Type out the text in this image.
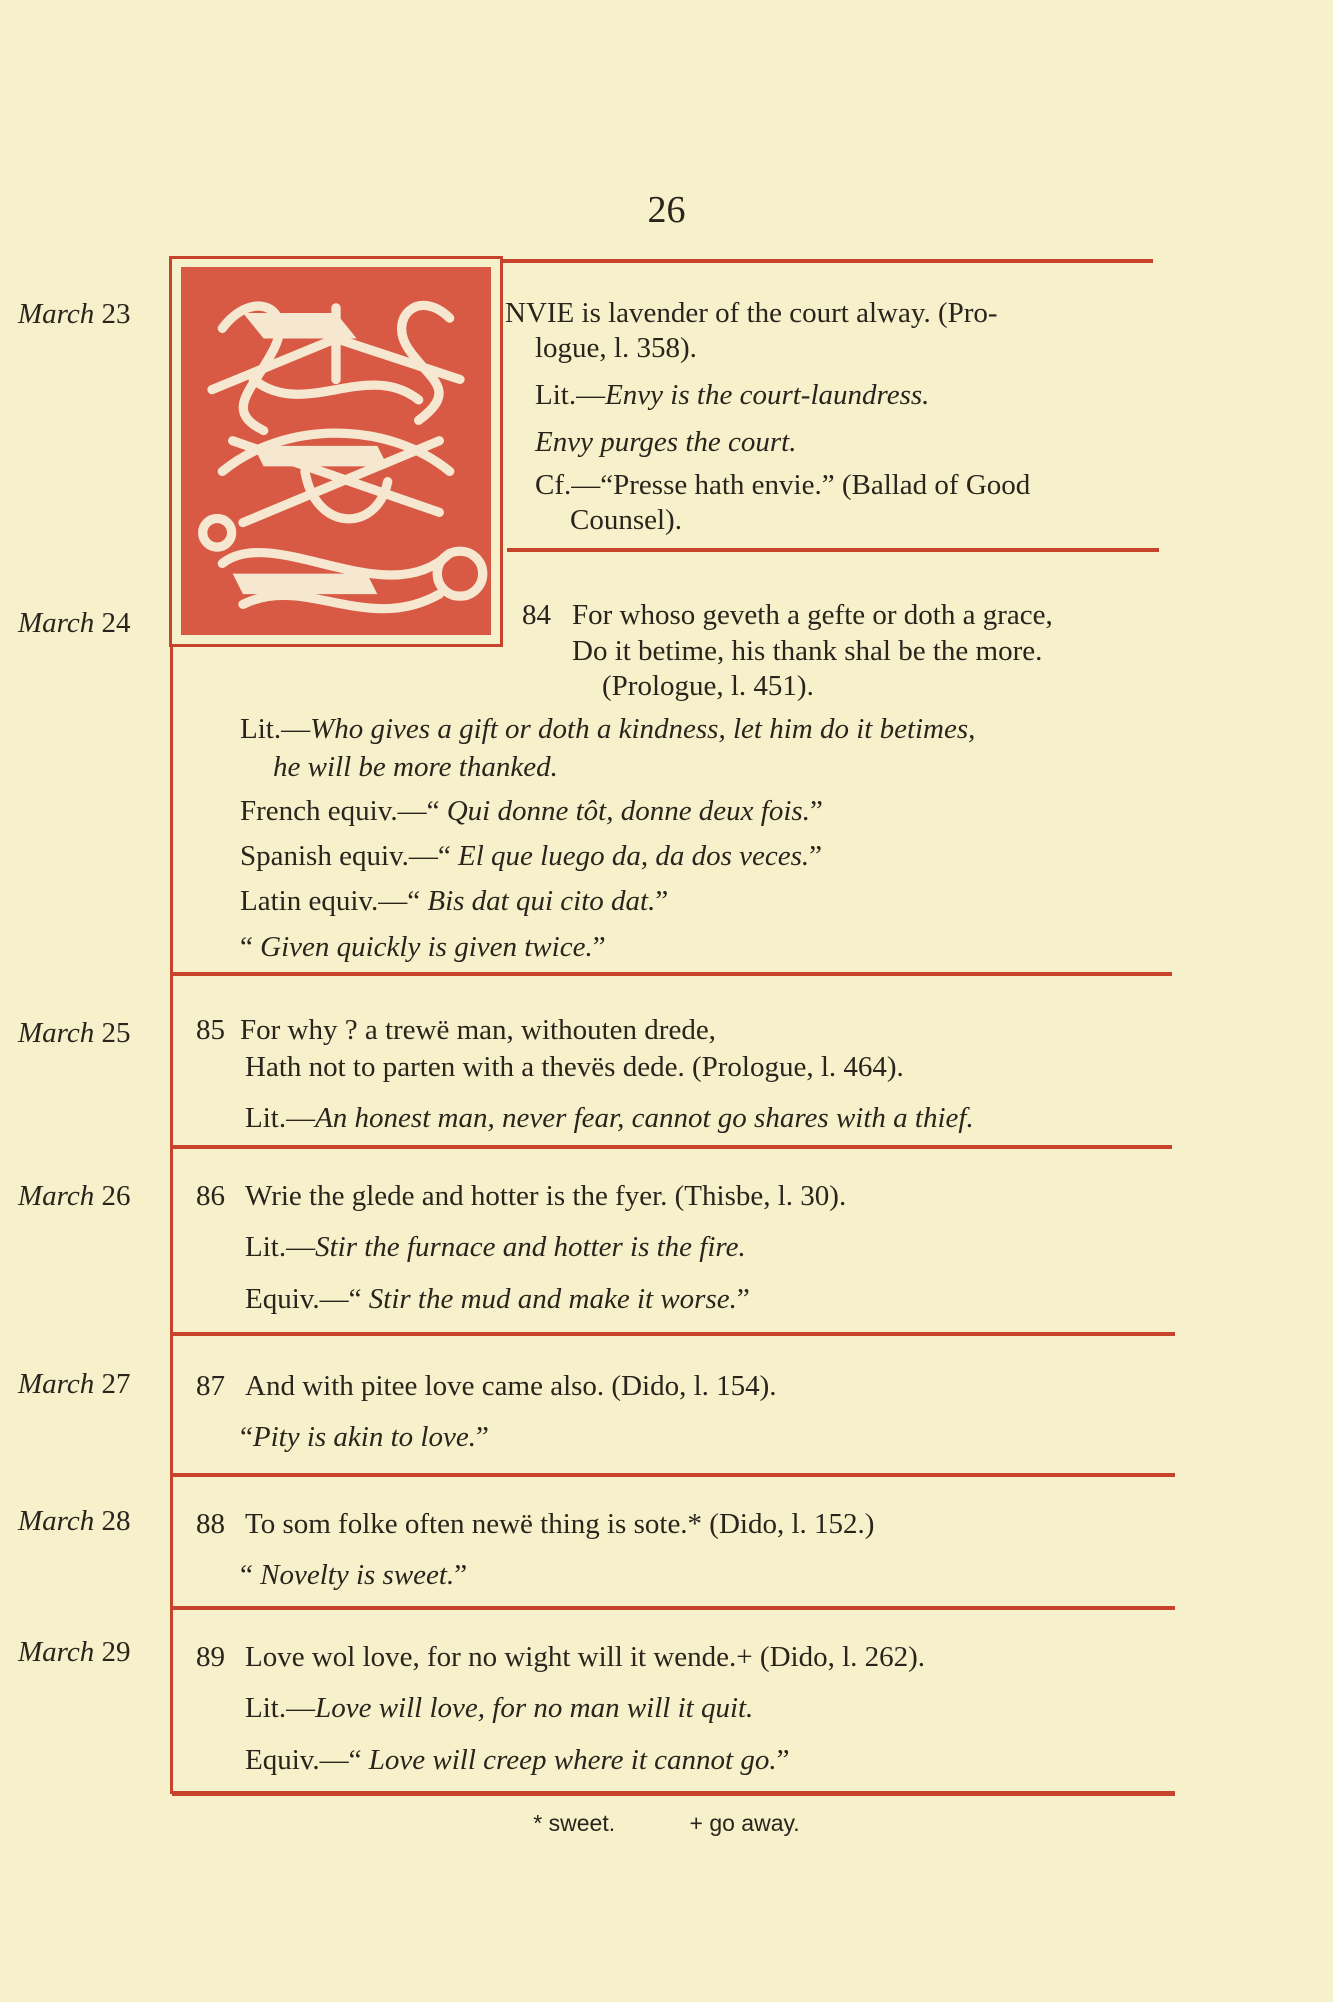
26
March 23
March 24
March 25
March 26
March 27
March 28
March 29
E
NVIE is lavender of the court alway. (Pro-
logue, l. 358).
Lit.—Envy is the court-laundress.
Envy purges the court.
Cf.—“Presse hath envie.” (Ballad of Good
Counsel).
84 For whoso geveth a gefte or doth a grace,
Do it betime, his thank shal be the more.
(Prologue, l. 451).
Lit.—Who gives a gift or doth a kindness, let him do it betimes,
he will be more thanked.
French equiv.—“ Qui donne tôt, donne deux fois.”
Spanish equiv.—“ El que luego da, da dos veces.”
Latin equiv.—“ Bis dat qui cito dat.”
“ Given quickly is given twice.”
85 For why ? a trewë man, withouten drede,
Hath not to parten with a thevës dede. (Prologue, l. 464).
Lit.—An honest man, never fear, cannot go shares with a thief.
86 Wrie the glede and hotter is the fyer. (Thisbe, l. 30).
Lit.—Stir the furnace and hotter is the fire.
Equiv.—“ Stir the mud and make it worse.”
87 And with pitee love came also. (Dido, l. 154).
“Pity is akin to love.”
88 To som folke often newë thing is sote.* (Dido, l. 152.)
“ Novelty is sweet.”
89 Love wol love, for no wight will it wende.+ (Dido, l. 262).
Lit.—Love will love, for no man will it quit.
Equiv.—“ Love will creep where it cannot go.”
* sweet.	+ go away.
